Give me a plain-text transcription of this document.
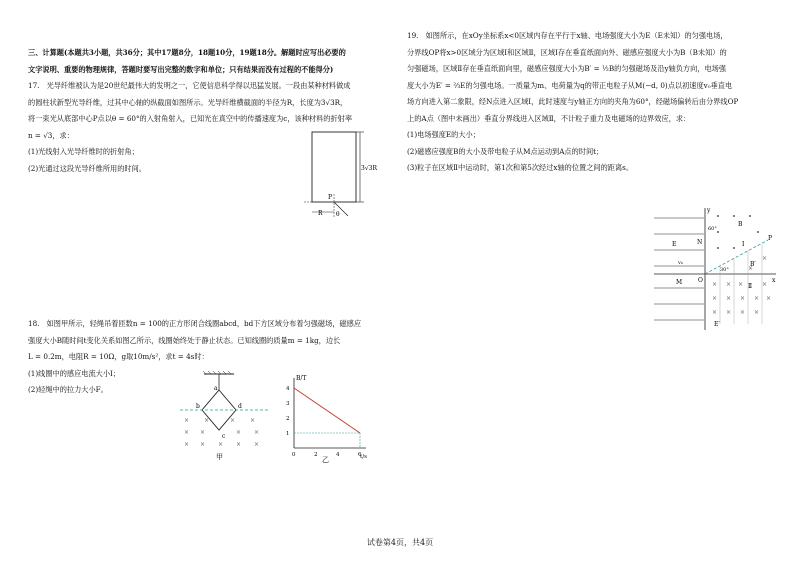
三、计算题(本题共3小题，共36分；其中17题8分，18题10分，19题18分。解题时应写出必要的

文字说明、重要的物理规律，答题时要写出完整的数字和单位；只有结果而没有过程的不能得分)

17.　光导纤维被认为是20世纪最伟大的发明之一，它使信息科学得以迅猛发展。一段由某种材料做成

的圆柱状新型光导纤维，过其中心轴的纵截面如图所示。光导纤维横截面的半径为R，长度为3√3R，

将一束光从底部中心P点以θ = 60°的入射角射入，已知光在真空中的传播速度为c，该种材料的折射率

n = √3，求：

(1)光线射入光导纤维时的折射角；

(2)光通过这段光导纤维所用的时间。	3√3R
R
P
θ

18.　如图甲所示，轻绳吊着匝数n = 100的正方形闭合线圈abcd，bd下方区域分布着匀强磁场，磁感应

强度大小B随时间t变化关系如图乙所示，线圈始终处于静止状态。已知线圈的质量m = 1kg，边长

L = 0.2m，电阻R = 10Ω，g取10m/s²，求t = 4s时：

(1)线圈中的感应电流大小I；

(2)轻绳中的拉力大小F。	a
b
c
d
× ×	× ×
× ×	× ×
× × × × ×
甲
B/T
t/s
乙
4
3
2
1
0	2	4	6

19.　如图所示，在xOy坐标系x<0区域内存在平行于x轴、电场强度大小为E（E未知）的匀强电场，

分界线OP将x>0区域分为区域Ⅰ和区域Ⅱ，区域Ⅰ存在垂直纸面向外、磁感应强度大小为B（B未知）的

匀强磁场，区域Ⅱ存在垂直纸面向里，磁感应强度大小为B′ = ½B的匀强磁场及沿y轴负方向，电场强

度大小为E′ = ⅔E的匀强电场。一质量为m、电荷量为q的带正电粒子从M(−d, 0)点以初速度v₀垂直电

场方向进入第二象限，经N点进入区域Ⅰ，此时速度与y轴正方向的夹角为60°，经磁场偏转后由分界线OP

上的A点（图中未画出）垂直分界线进入区域Ⅱ，不计粒子重力及电磁场的边界效应，求：

(1)电场强度E的大小；

(2)磁感应强度B的大小及带电粒子从M点运动到A点的时间t；

(3)粒子在区域Ⅱ中运动时，第1次和第5次经过x轴的位置之间的距离s。

y
x
O
E
M
v₀
P
N
60°
30°
B
Ⅰ
B′
Ⅱ
E′
× × ×	×
× × × × ×
× × × ×
×
×
试卷第4页，共4页
